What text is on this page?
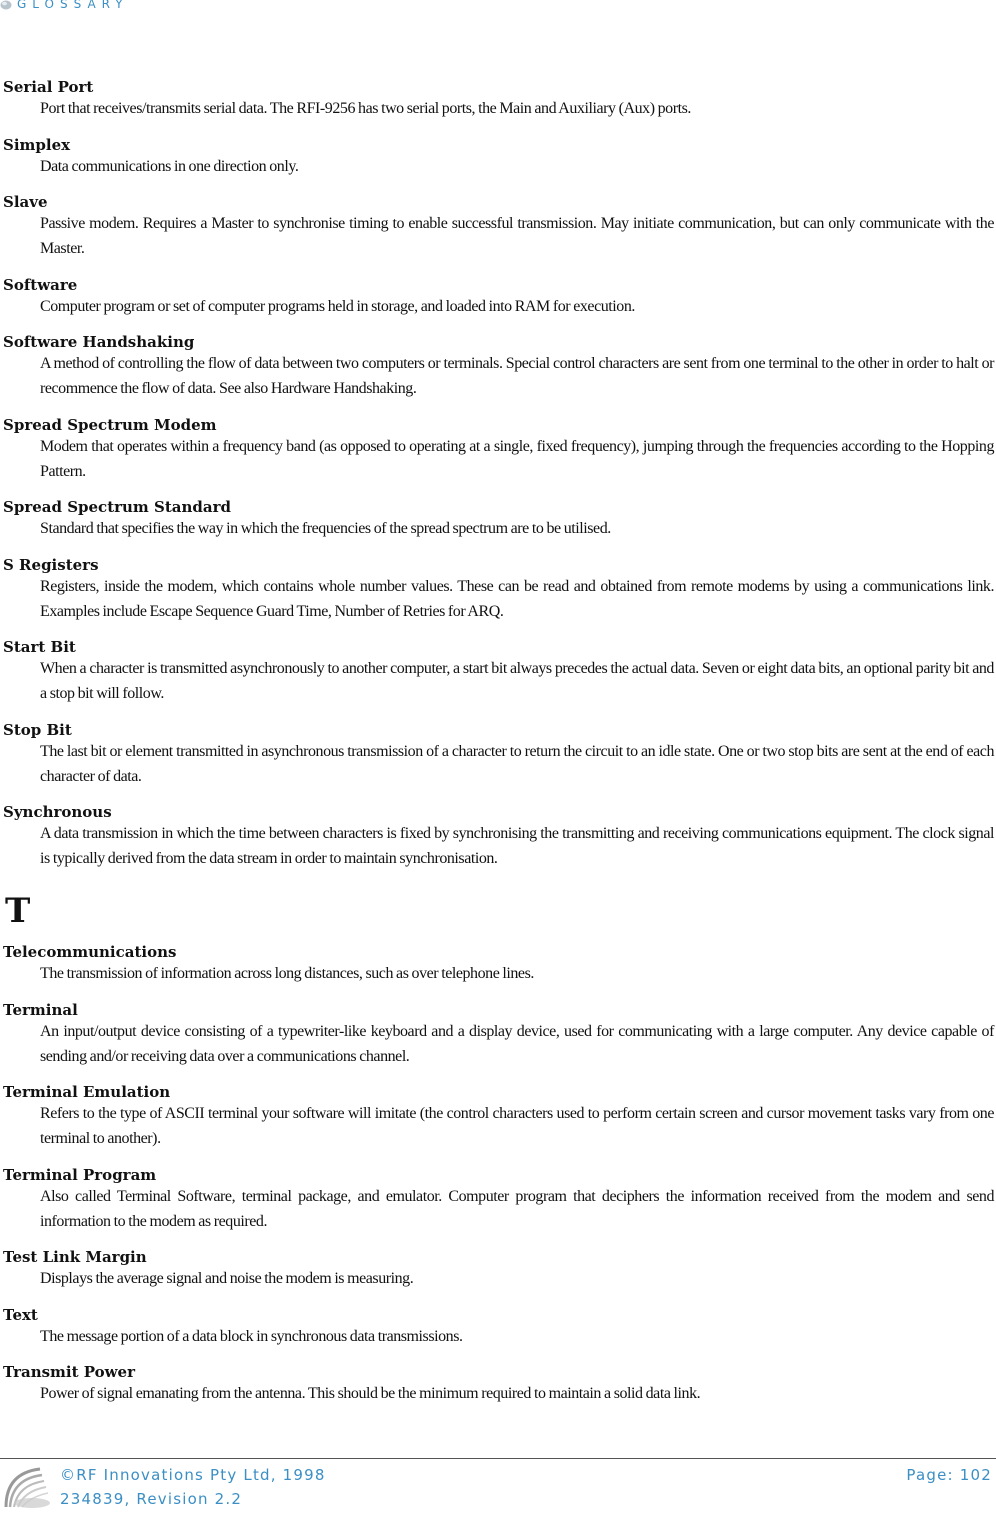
GLOSSARY
Serial Port
Port that receives/transmits serial data. The RFI-9256 has two serial ports, the Main and Auxiliary (Aux) ports.
Simplex
Data communications in one direction only.
Slave
Passive modem. Requires a Master to synchronise timing to enable successful transmission. May initiate communication, but can only communicate with the Master.
Software
Computer program or set of computer programs held in storage, and loaded into RAM for execution.
Software Handshaking
A method of controlling the flow of data between two computers or terminals. Special control characters are sent from one terminal to the other in order to halt or recommence the flow of data. See also Hardware Handshaking.
Spread Spectrum Modem
Modem that operates within a frequency band (as opposed to operating at a single, fixed frequency), jumping through the frequencies according to the Hopping Pattern.
Spread Spectrum Standard
Standard that specifies the way in which the frequencies of the spread spectrum are to be utilised.
S Registers
Registers, inside the modem, which contains whole number values. These can be read and obtained from remote modems by using a communications link. Examples include Escape Sequence Guard Time, Number of Retries for ARQ.
Start Bit
When a character is transmitted asynchronously to another computer, a start bit always precedes the actual data. Seven or eight data bits, an optional parity bit and a stop bit will follow.
Stop Bit
The last bit or element transmitted in asynchronous transmission of a character to return the circuit to an idle state. One or two stop bits are sent at the end of each character of data.
Synchronous
A data transmission in which the time between characters is fixed by synchronising the transmitting and receiving communications equipment. The clock signal is typically derived from the data stream in order to maintain synchronisation.
T
Telecommunications
The transmission of information across long distances, such as over telephone lines.
Terminal
An input/output device consisting of a typewriter-like keyboard and a display device, used for communicating with a large computer. Any device capable of sending and/or receiving data over a communications channel.
Terminal Emulation
Refers to the type of ASCII terminal your software will imitate (the control characters used to perform certain screen and cursor movement tasks vary from one terminal to another).
Terminal Program
Also called Terminal Software, terminal package, and emulator. Computer program that deciphers the information received from the modem and send information to the modem as required.
Test Link Margin
Displays the average signal and noise the modem is measuring.
Text
The message portion of a data block in synchronous data transmissions.
Transmit Power
Power of signal emanating from the antenna. This should be the minimum required to maintain a solid data link.
©RF Innovations Pty Ltd, 1998
234839, Revision 2.2
Page: 102
